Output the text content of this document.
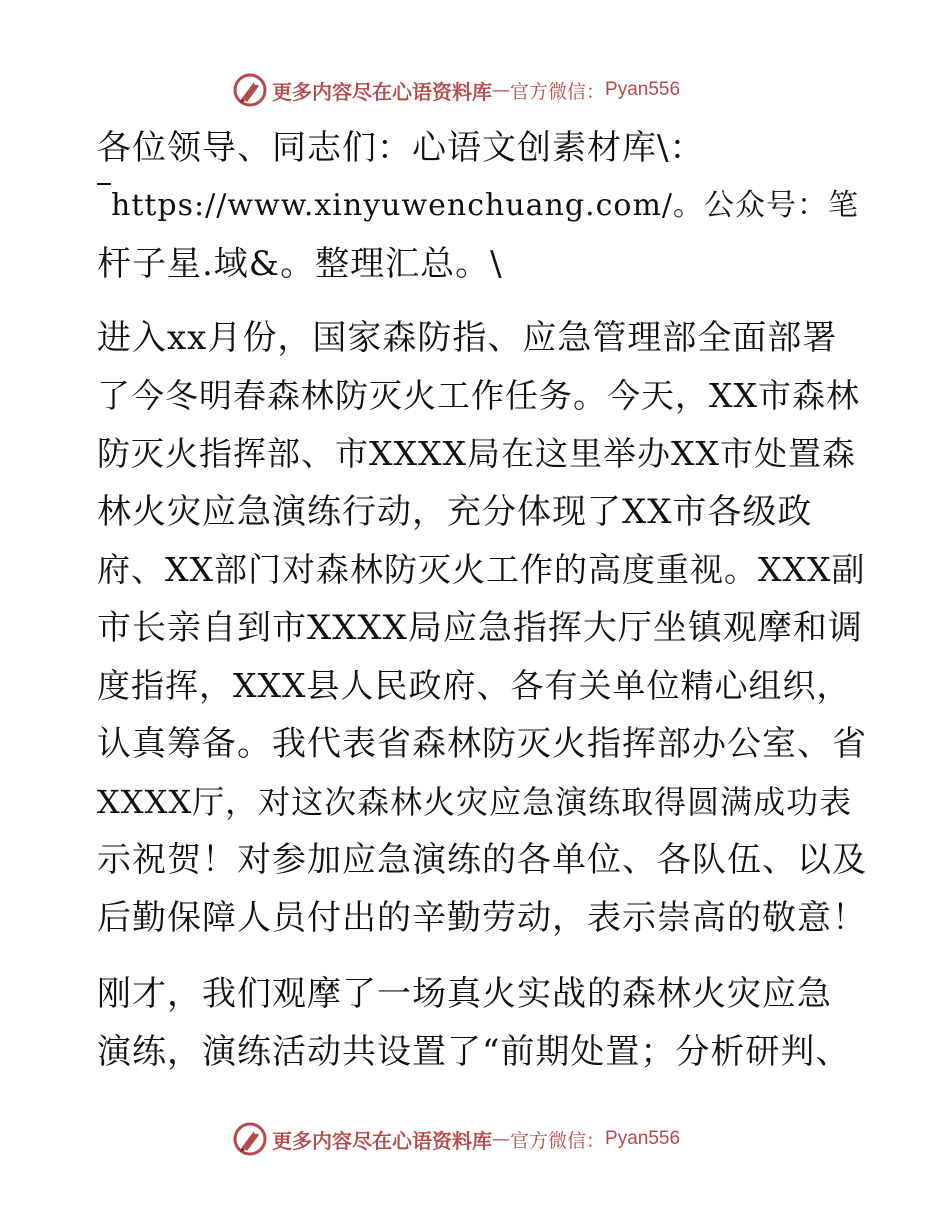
更多内容尽在心语资料库 — 官方微信： Pyan556
各位领导、同志们：心语文创素材库\：
https://www.xinyuwenchuang.com/。公众号：笔
杆子星.域&。整理汇总。\
进入xx月份，国家森防指、应急管理部全面部署
了今冬明春森林防灭火工作任务。今天，XX市森林
防灭火指挥部、市XXXX局在这里举办XX市处置森
林火灾应急演练行动，充分体现了XX市各级政
府、XX部门对森林防灭火工作的高度重视。XXX副
市长亲自到市XXXX局应急指挥大厅坐镇观摩和调
度指挥，XXX县人民政府、各有关单位精心组织，
认真筹备。我代表省森林防灭火指挥部办公室、省
XXXX厅，对这次森林火灾应急演练取得圆满成功表
示祝贺！对参加应急演练的各单位、各队伍、以及
后勤保障人员付出的辛勤劳动，表示崇高的敬意！
刚才，我们观摩了一场真火实战的森林火灾应急
演练，演练活动共设置了“前期处置；分析研判、
更多内容尽在心语资料库 — 官方微信： Pyan556
